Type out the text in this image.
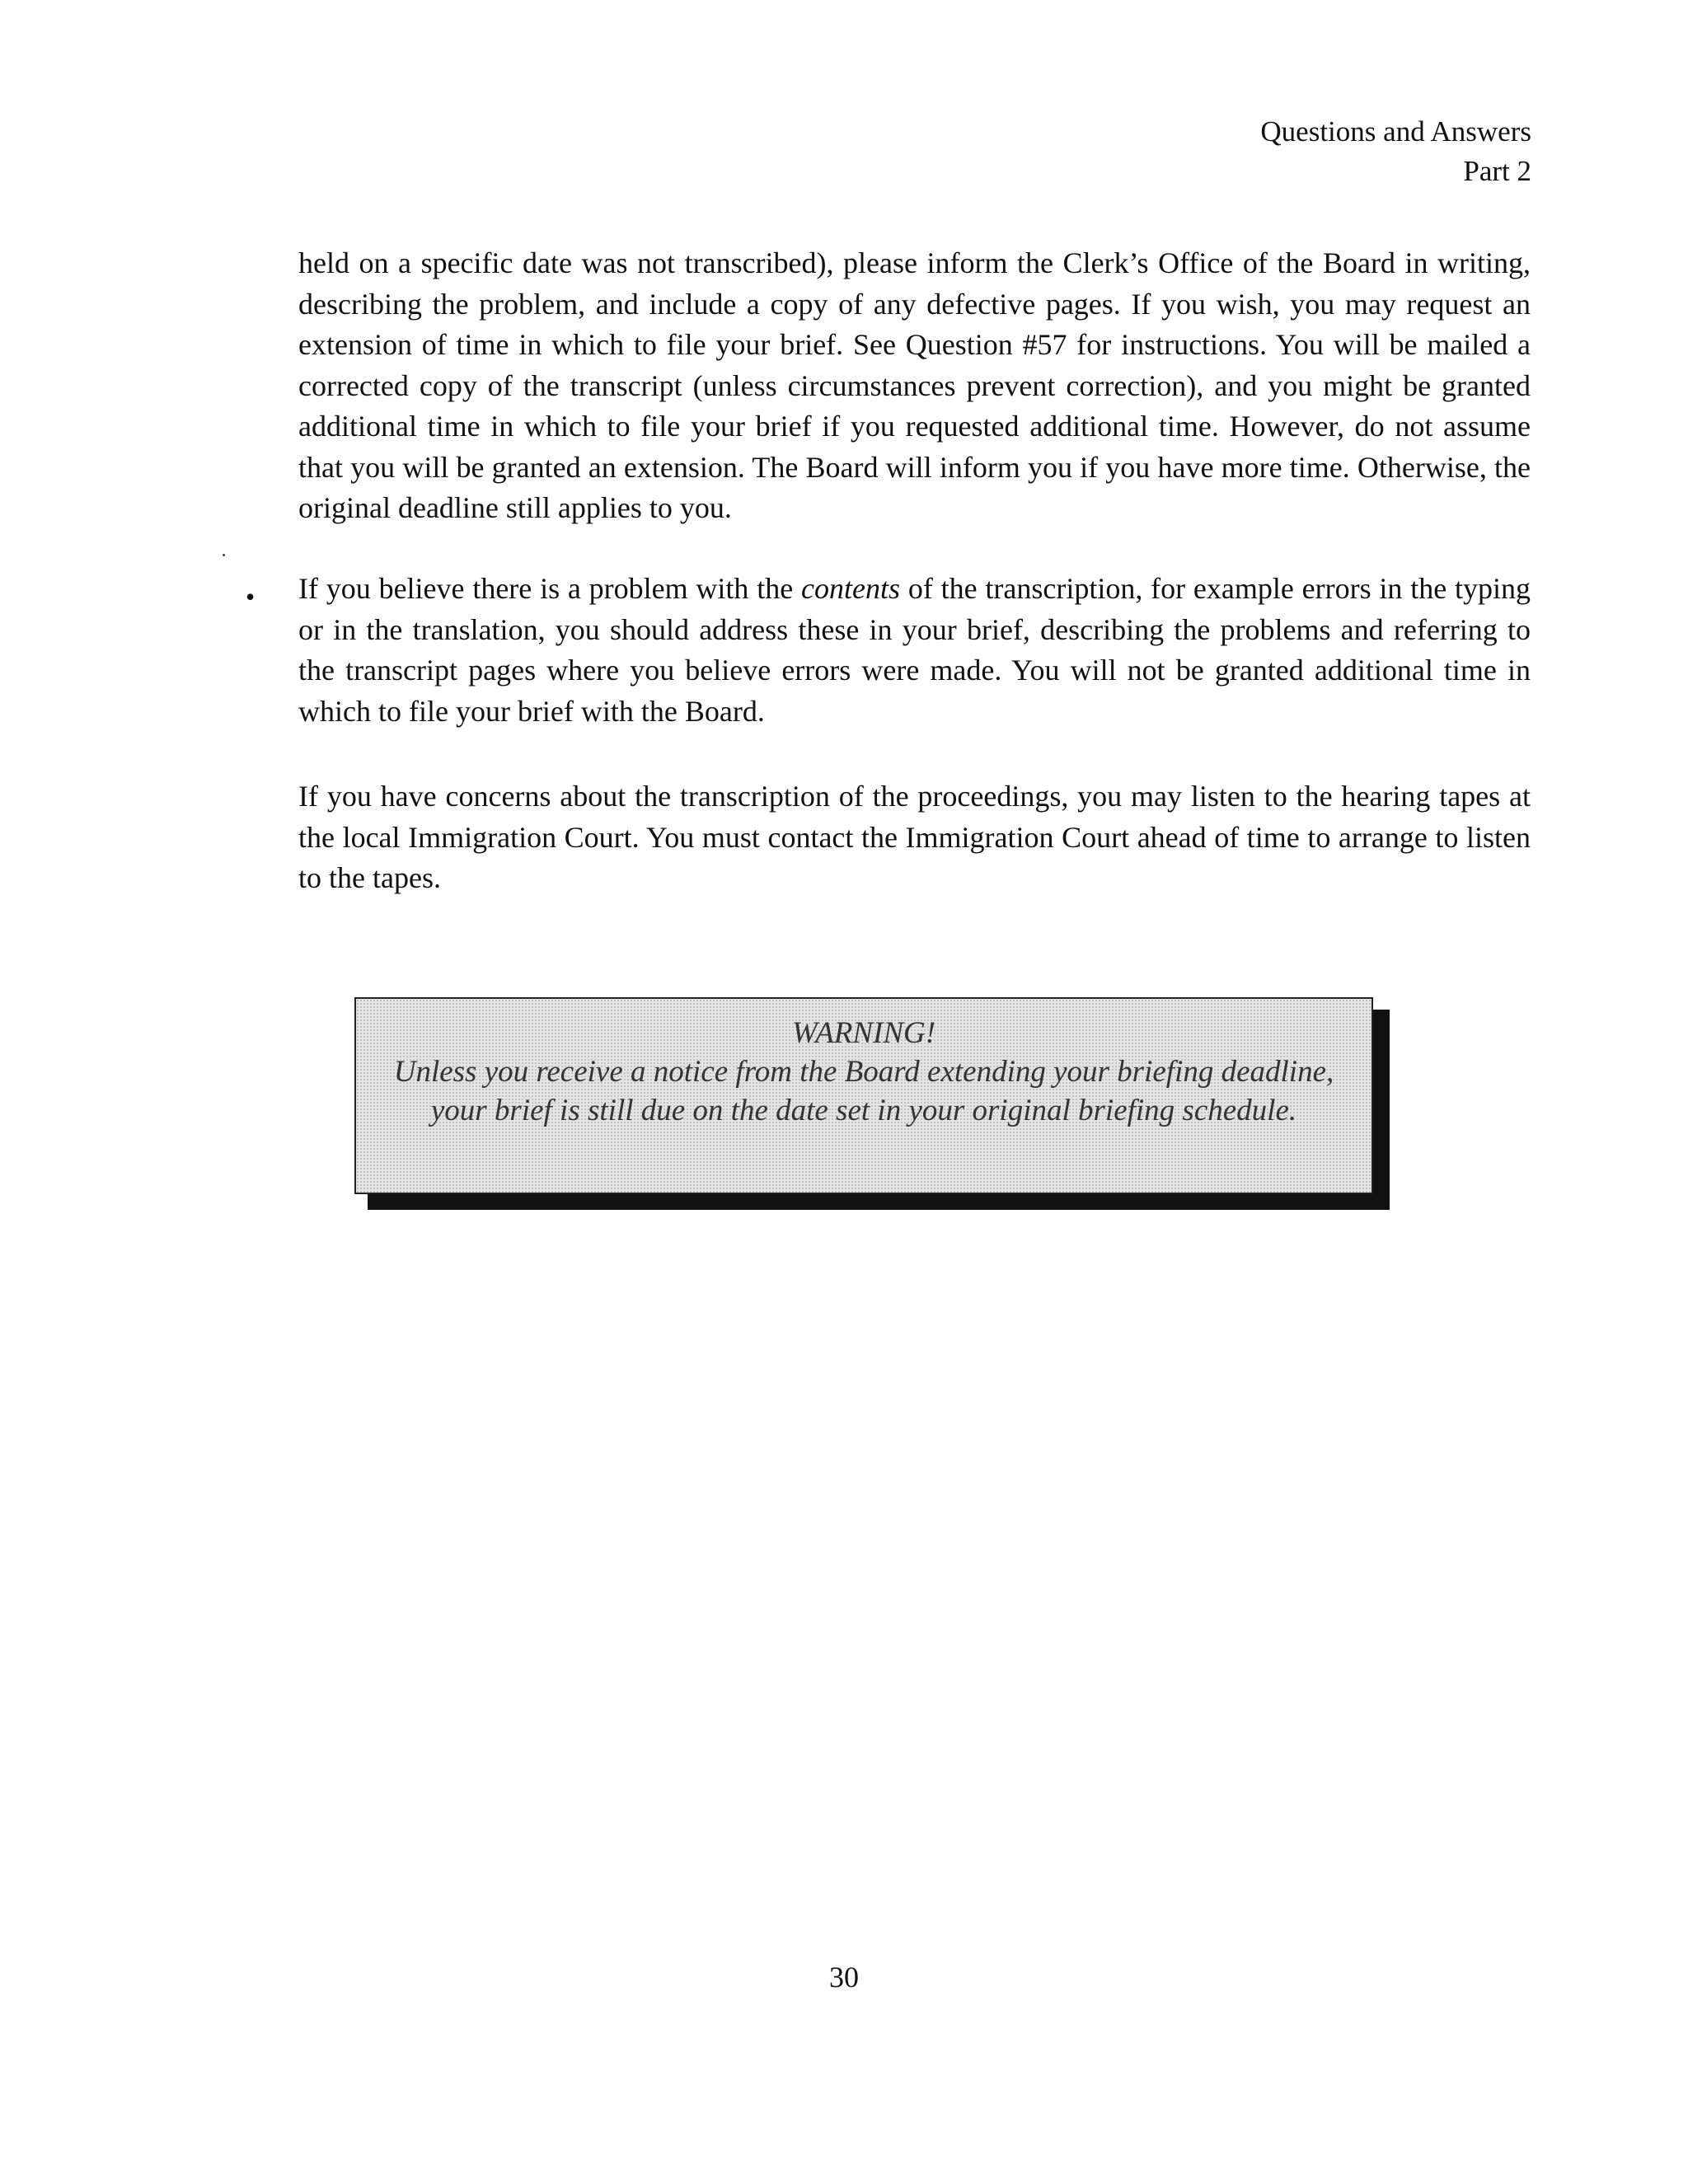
Questions and Answers
Part 2
held on a specific date was not transcribed), please inform the Clerk’s Office of the Board in writing, describing the problem, and include a copy of any defective pages. If you wish, you may request an extension of time in which to file your brief. See Question #57 for instructions. You will be mailed a corrected copy of the transcript (unless circumstances prevent correction), and you might be granted additional time in which to file your brief if you requested additional time. However, do not assume that you will be granted an extension. The Board will inform you if you have more time. Otherwise, the original deadline still applies to you.
• If you believe there is a problem with the contents of the transcription, for example errors in the typing or in the translation, you should address these in your brief, describing the problems and referring to the transcript pages where you believe errors were made. You will not be granted additional time in which to file your brief with the Board.
If you have concerns about the transcription of the proceedings, you may listen to the hearing tapes at the local Immigration Court. You must contact the Immigration Court ahead of time to arrange to listen to the tapes.
WARNING!
Unless you receive a notice from the Board extending your briefing deadline,
your brief is still due on the date set in your original briefing schedule.
30
